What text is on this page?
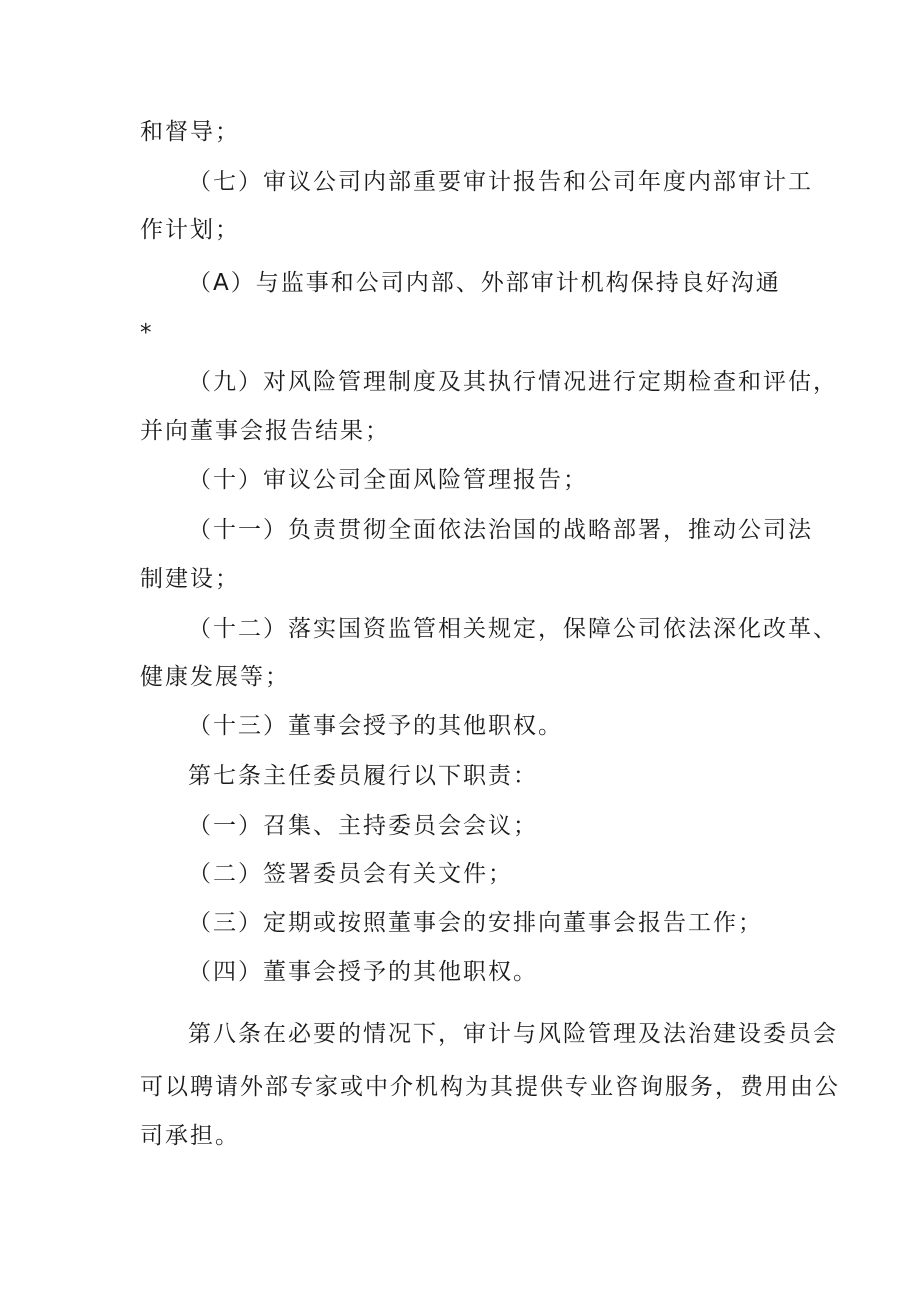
和督导；
（七）审议公司内部重要审计报告和公司年度内部审计工
作计划；
（A）与监事和公司内部、外部审计机构保持良好沟通
*
（九）对风险管理制度及其执行情况进行定期检查和评估，
并向董事会报告结果；
（十）审议公司全面风险管理报告；
（十一）负责贯彻全面依法治国的战略部署，推动公司法
制建设；
（十二）落实国资监管相关规定，保障公司依法深化改革、
健康发展等；
（十三）董事会授予的其他职权。
第七条主任委员履行以下职责：
（一）召集、主持委员会会议；
（二）签署委员会有关文件；
（三）定期或按照董事会的安排向董事会报告工作；
（四）董事会授予的其他职权。
第八条在必要的情况下，审计与风险管理及法治建设委员会
可以聘请外部专家或中介机构为其提供专业咨询服务，费用由公
司承担。
